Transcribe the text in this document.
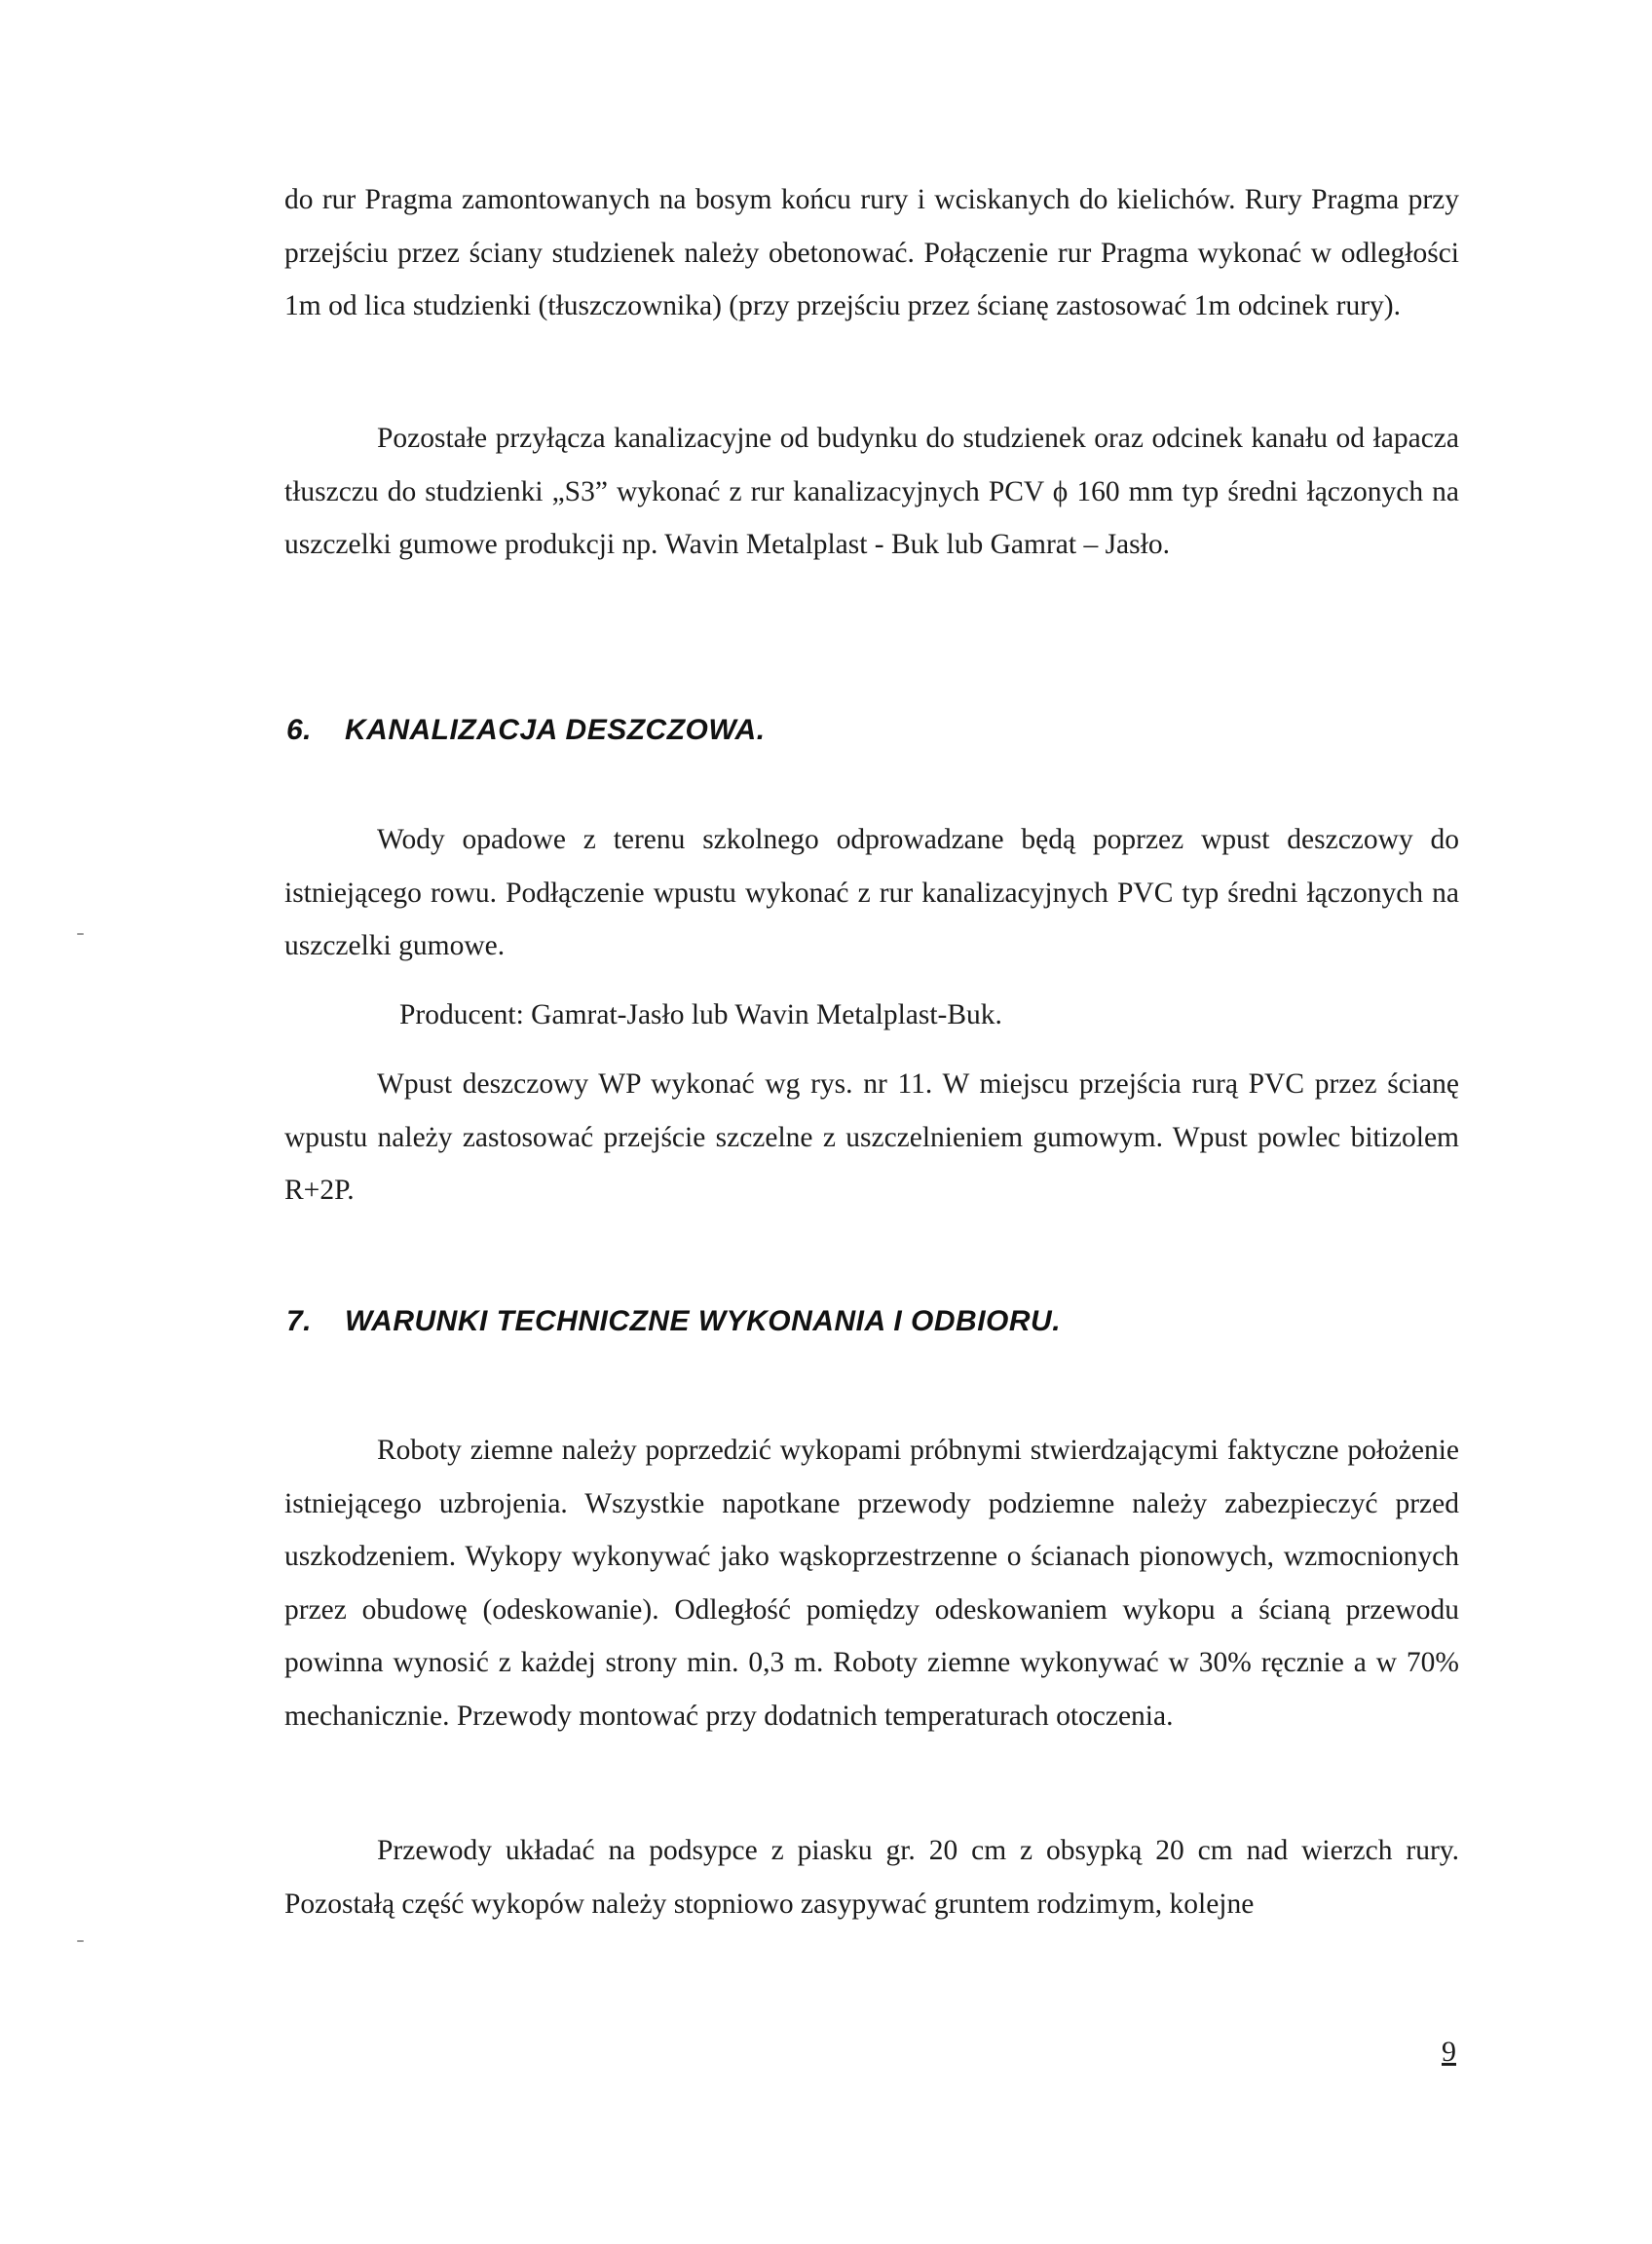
do rur Pragma zamontowanych na bosym końcu rury i wciskanych do kielichów. Rury Pragma przy przejściu przez ściany studzienek należy obetonować. Połączenie rur Pragma wykonać w odległości 1m od lica studzienki (tłuszczownika) (przy przejściu przez ścianę zastosować 1m odcinek rury).

Pozostałe przyłącza kanalizacyjne od budynku do studzienek oraz odcinek kanału od łapacza tłuszczu do studzienki „S3” wykonać z rur kanalizacyjnych PCV ϕ 160 mm typ średni łączonych na uszczelki gumowe produkcji np. Wavin Metalplast - Buk lub Gamrat – Jasło.

6. KANALIZACJA DESZCZOWA.

Wody opadowe z terenu szkolnego odprowadzane będą poprzez wpust deszczowy do istniejącego rowu. Podłączenie wpustu wykonać z rur kanalizacyjnych PVC typ średni łączonych na uszczelki gumowe.

Producent: Gamrat-Jasło lub Wavin Metalplast-Buk.

Wpust deszczowy WP wykonać wg rys. nr 11. W miejscu przejścia rurą PVC przez ścianę wpustu należy zastosować przejście szczelne z uszczelnieniem gumowym. Wpust powlec bitizolem R+2P.

7. WARUNKI TECHNICZNE WYKONANIA I ODBIORU.

Roboty ziemne należy poprzedzić wykopami próbnymi stwierdzającymi faktyczne położenie istniejącego uzbrojenia. Wszystkie napotkane przewody podziemne należy zabezpieczyć przed uszkodzeniem. Wykopy wykonywać jako wąskoprzestrzenne o ścianach pionowych, wzmocnionych przez obudowę (odeskowanie). Odległość pomiędzy odeskowaniem wykopu a ścianą przewodu powinna wynosić z każdej strony min. 0,3 m. Roboty ziemne wykonywać w 30% ręcznie a w 70% mechanicznie. Przewody montować przy dodatnich temperaturach otoczenia.

Przewody układać na podsypce z piasku gr. 20 cm z obsypką 20 cm nad wierzch rury. Pozostałą część wykopów należy stopniowo zasypywać gruntem rodzimym, kolejne

9
